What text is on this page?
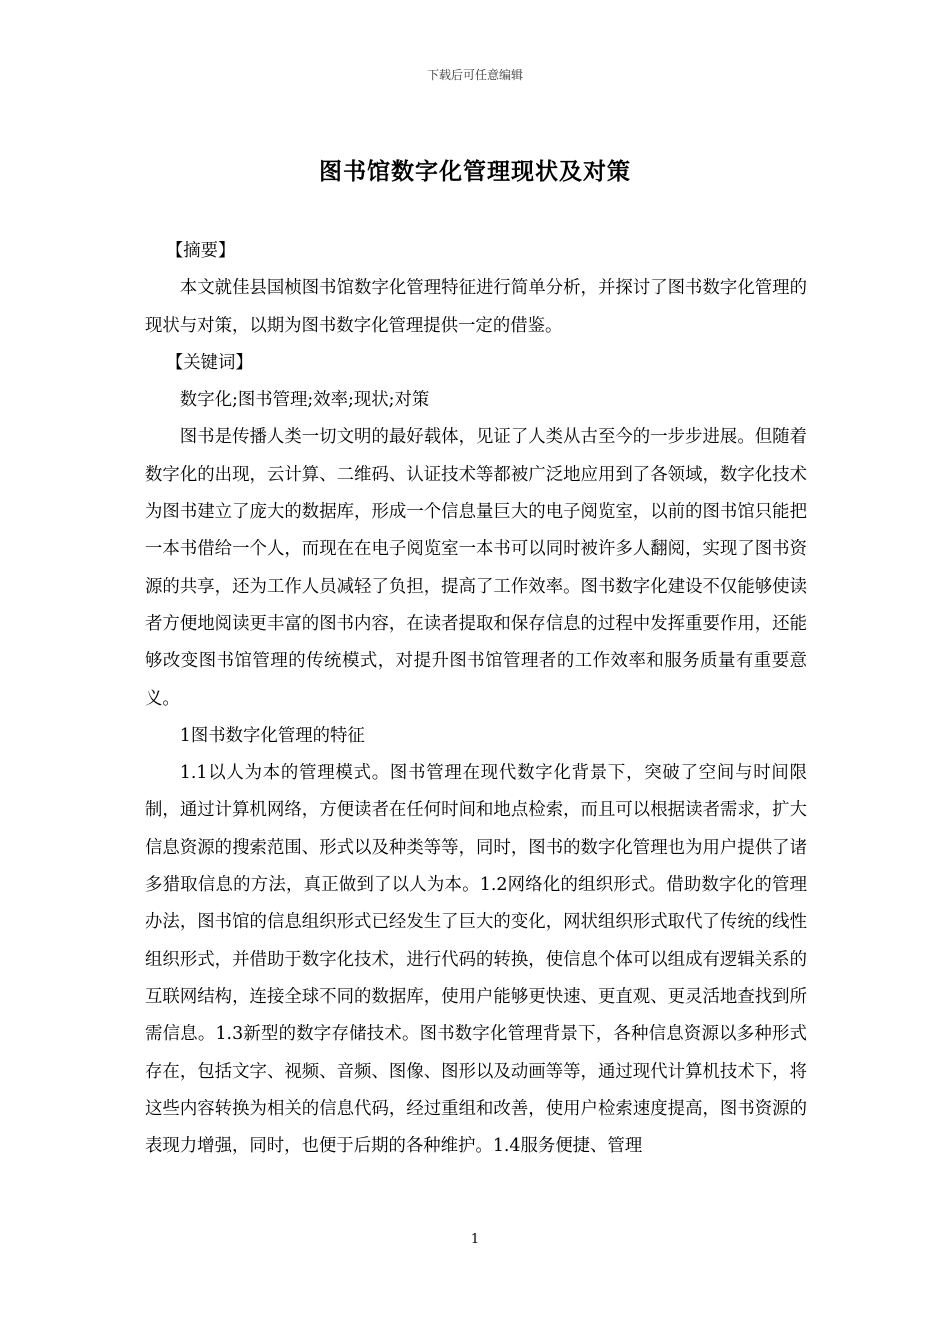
下载后可任意编辑
图书馆数字化管理现状及对策

【摘要】

本文就佳县国桢图书馆数字化管理特征进行简单分析，并探讨了图书数字化管理的现状与对策，以期为图书数字化管理提供一定的借鉴。

【关键词】

数字化;图书管理;效率;现状;对策

图书是传播人类一切文明的最好载体，见证了人类从古至今的一步步进展。但随着数字化的出现，云计算、二维码、认证技术等都被广泛地应用到了各领域，数字化技术为图书建立了庞大的数据库，形成一个信息量巨大的电子阅览室，以前的图书馆只能把一本书借给一个人，而现在在电子阅览室一本书可以同时被许多人翻阅，实现了图书资源的共享，还为工作人员减轻了负担，提高了工作效率。图书数字化建设不仅能够使读者方便地阅读更丰富的图书内容，在读者提取和保存信息的过程中发挥重要作用，还能够改变图书馆管理的传统模式，对提升图书馆管理者的工作效率和服务质量有重要意义。

1图书数字化管理的特征

1.1以人为本的管理模式。图书管理在现代数字化背景下，突破了空间与时间限制，通过计算机网络，方便读者在任何时间和地点检索，而且可以根据读者需求，扩大信息资源的搜索范围、形式以及种类等等，同时，图书的数字化管理也为用户提供了诸多猎取信息的方法，真正做到了以人为本。1.2网络化的组织形式。借助数字化的管理办法，图书馆的信息组织形式已经发生了巨大的变化，网状组织形式取代了传统的线性组织形式，并借助于数字化技术，进行代码的转换，使信息个体可以组成有逻辑关系的互联网结构，连接全球不同的数据库，使用户能够更快速、更直观、更灵活地查找到所需信息。1.3新型的数字存储技术。图书数字化管理背景下，各种信息资源以多种形式存在，包括文字、视频、音频、图像、图形以及动画等等，通过现代计算机技术下，将这些内容转换为相关的信息代码，经过重组和改善，使用户检索速度提高，图书资源的表现力增强，同时，也便于后期的各种维护。1.4服务便捷、管理

1
